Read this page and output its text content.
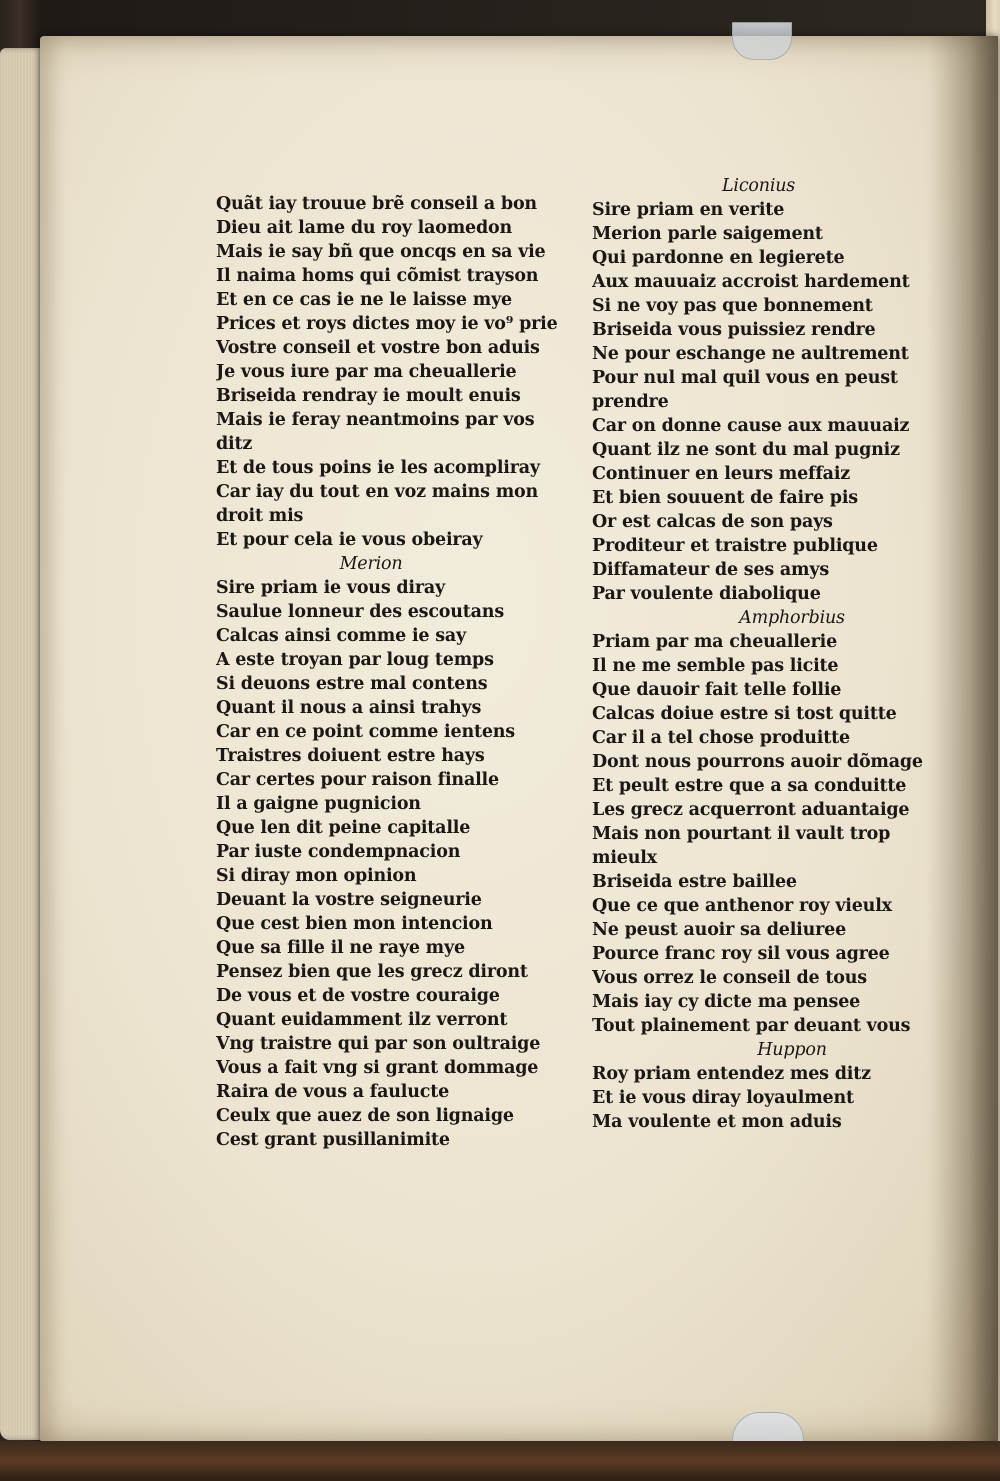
Quãt iay trouue brẽ conseil a bon
Dieu ait lame du roy laomedon
Mais ie say bñ que oncqs en sa vie
Il naima homs qui cõmist trayson
Et en ce cas ie ne le laisse mye
Prices et roys dictes moy ie vo⁹ prie
Vostre conseil et vostre bon aduis
Je vous iure par ma cheuallerie
Briseida rendray ie moult enuis
Mais ie feray neantmoins par vos
ditz
Et de tous poins ie les acompliray
Car iay du tout en voz mains mon
droit mis
Et pour cela ie vous obeiray
Merion
Sire priam ie vous diray
Saulue lonneur des escoutans
Calcas ainsi comme ie say
A este troyan par loug temps
Si deuons estre mal contens
Quant il nous a ainsi trahys
Car en ce point comme ientens
Traistres doiuent estre hays
Car certes pour raison finalle
Il a gaigne pugnicion
Que len dit peine capitalle
Par iuste condempnacion
Si diray mon opinion
Deuant la vostre seigneurie
Que cest bien mon intencion
Que sa fille il ne raye mye
Pensez bien que les grecz diront
De vous et de vostre couraige
Quant euidamment ilz verront
Vng traistre qui par son oultraige
Vous a fait vng si grant dommage
Raira de vous a faulucte
Ceulx que auez de son lignaige
Cest grant pusillanimite
Liconius
Sire priam en verite
Merion parle saigement
Qui pardonne en legierete
Aux mauuaiz accroist hardement
Si ne voy pas que bonnement
Briseida vous puissiez rendre
Ne pour eschange ne aultrement
Pour nul mal quil vous en peust
prendre
Car on donne cause aux mauuaiz
Quant ilz ne sont du mal pugniz
Continuer en leurs meffaiz
Et bien souuent de faire pis
Or est calcas de son pays
Proditeur et traistre publique
Diffamateur de ses amys
Par voulente diabolique
Amphorbius
Priam par ma cheuallerie
Il ne me semble pas licite
Que dauoir fait telle follie
Calcas doiue estre si tost quitte
Car il a tel chose produitte
Dont nous pourrons auoir dõmage
Et peult estre que a sa conduitte
Les grecz acquerront aduantaige
Mais non pourtant il vault trop
mieulx
Briseida estre baillee
Que ce que anthenor roy vieulx
Ne peust auoir sa deliuree
Pource franc roy sil vous agree
Vous orrez le conseil de tous
Mais iay cy dicte ma pensee
Tout plainement par deuant vous
Huppon
Roy priam entendez mes ditz
Et ie vous diray loyaulment
Ma voulente et mon aduis
